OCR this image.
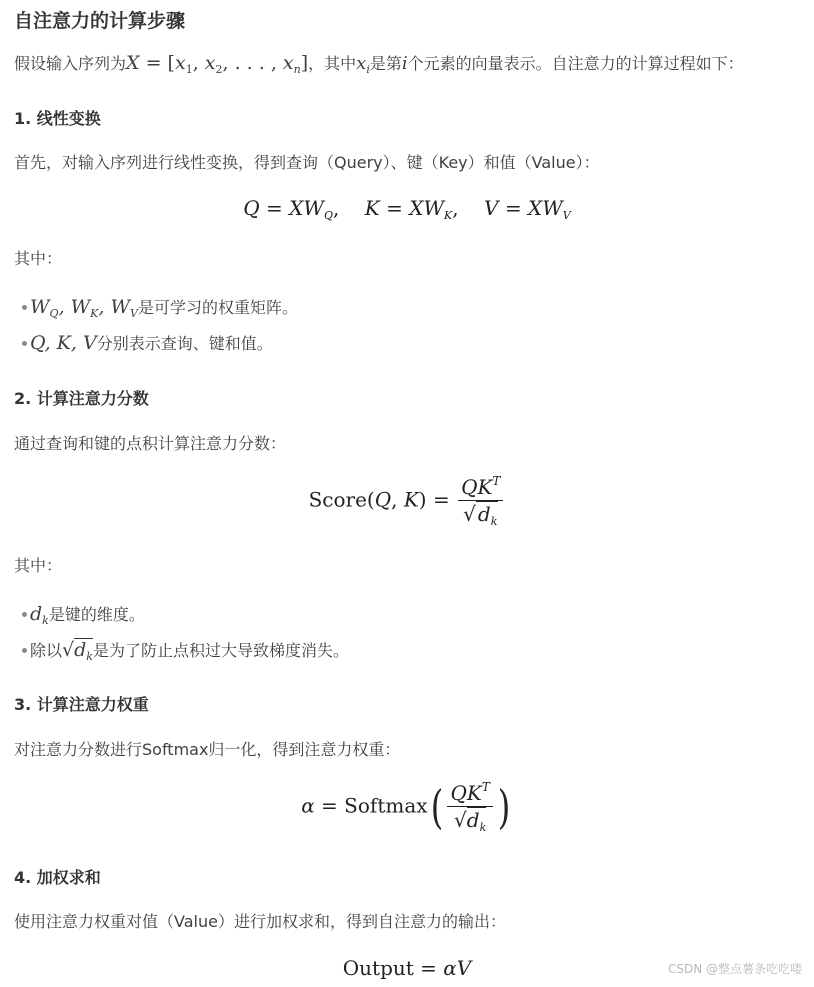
自注意力的计算步骤
假设输入序列为$X = [x_1$, $x_2$, . . . , $x_n$]，其中$x_i$是第i个元素的向量表示。自注意力的计算过程如下：
1. 线性变换
首先，对输入序列进行线性变换，得到查询（Query）、键（Key）和值（Value）：
$Q = XW_Q$,    $K = XW_K$,    $V = XW_V$
其中：
$W_Q$, $W_K$, $W_V$是可学习的权重矩阵。
Q, K, V分别表示查询、键和值。
2. 计算注意力分数
通过查询和键的点积计算注意力分数：
Score(Q, $K) = \frac{QK^T}{√ d_k}$
其中：
$d_k$是键的维度。
除以$√d_k$是为了防止点积过大导致梯度消失。
3. 计算注意力权重
对注意力分数进行Softmax归一化，得到注意力权重：
α = Softmax( $\frac{QK^T}{√d_k}$ )
4. 加权求和
使用注意力权重对值（Value）进行加权求和，得到自注意力的输出：
Output = αV	CSDN @整点薯条吃吃喽
